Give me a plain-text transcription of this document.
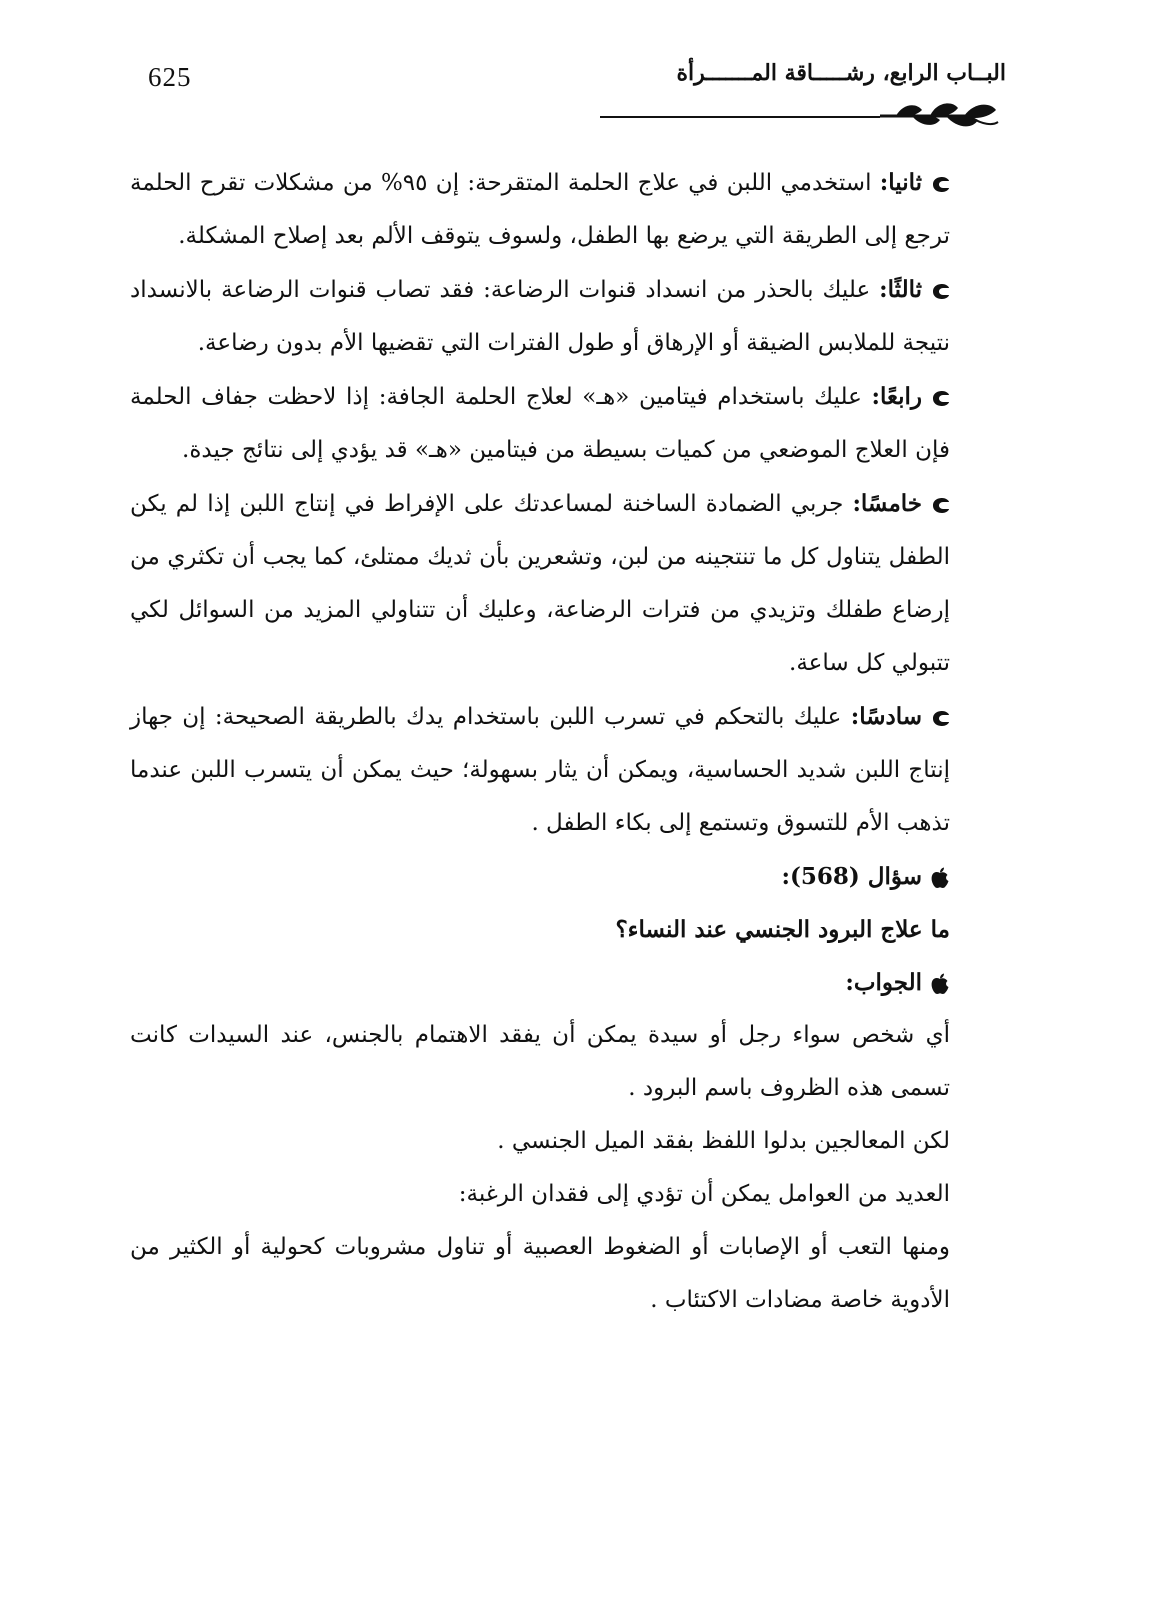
625	البــاب الرابع، رشـــــاقة المـــــــرأة

ثانيا: استخدمي اللبن في علاج الحلمة المتقرحة: إن ٩٥% من مشكلات تقرح الحلمة ترجع إلى الطريقة التي يرضع بها الطفل، ولسوف يتوقف الألم بعد إصلاح المشكلة.

ثالثًا: عليك بالحذر من انسداد قنوات الرضاعة: فقد تصاب قنوات الرضاعة بالانسداد نتيجة للملابس الضيقة أو الإرهاق أو طول الفترات التي تقضيها الأم بدون رضاعة.

رابعًا: عليك باستخدام فيتامين «هـ» لعلاج الحلمة الجافة: إذا لاحظت جفاف الحلمة فإن العلاج الموضعي من كميات بسيطة من فيتامين «هـ» قد يؤدي إلى نتائج جيدة.

خامسًا: جربي الضمادة الساخنة لمساعدتك على الإفراط في إنتاج اللبن إذا لم يكن الطفل يتناول كل ما تنتجينه من لبن، وتشعرين بأن ثديك ممتلئ، كما يجب أن تكثري من إرضاع طفلك وتزيدي من فترات الرضاعة، وعليك أن تتناولي المزيد من السوائل لكي تتبولي كل ساعة.

سادسًا: عليك بالتحكم في تسرب اللبن باستخدام يدك بالطريقة الصحيحة: إن جهاز إنتاج اللبن شديد الحساسية، ويمكن أن يثار بسهولة؛ حيث يمكن أن يتسرب اللبن عندما تذهب الأم للتسوق وتستمع إلى بكاء الطفل .

سؤال (568):

ما علاج البرود الجنسي عند النساء؟

الجواب:

أي شخص سواء رجل أو سيدة يمكن أن يفقد الاهتمام بالجنس، عند السيدات كانت تسمى هذه الظروف باسم البرود .

لكن المعالجين بدلوا اللفظ بفقد الميل الجنسي .

العديد من العوامل يمكن أن تؤدي إلى فقدان الرغبة:

ومنها التعب أو الإصابات أو الضغوط العصبية أو تناول مشروبات كحولية أو الكثير من الأدوية خاصة مضادات الاكتئاب .
